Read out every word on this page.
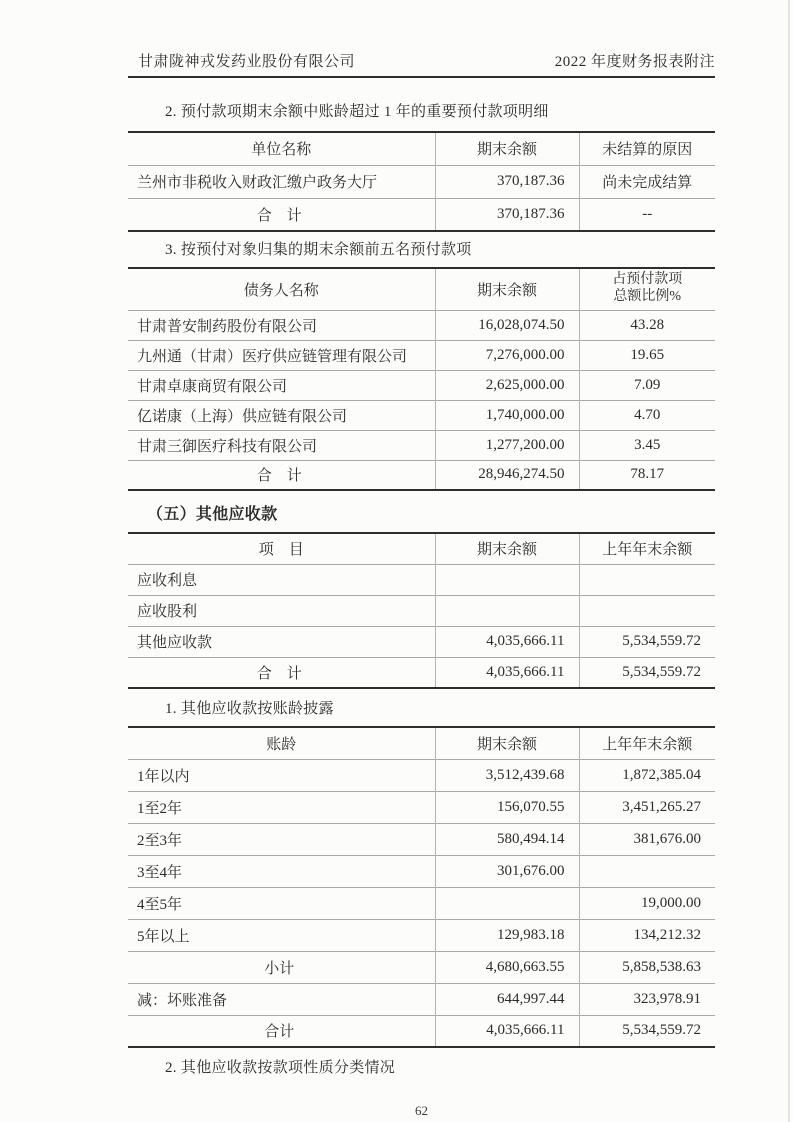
甘肃陇神戎发药业股份有限公司	2022 年度财务报表附注
2. 预付款项期末余额中账龄超过 1 年的重要预付款项明细
单位名称	期末余额	未结算的原因
兰州市非税收入财政汇缴户政务大厅	370,187.36	尚未完成结算
合　计	370,187.36	--
3. 按预付对象归集的期末余额前五名预付款项
债务人名称	期末余额	占预付款项
总额比例%

甘肃普安制药股份有限公司	16,028,074.50	43.28
九州通（甘肃）医疗供应链管理有限公司	7,276,000.00	19.65
甘肃卓康商贸有限公司	2,625,000.00	7.09
亿诺康（上海）供应链有限公司	1,740,000.00	4.70
甘肃三御医疗科技有限公司	1,277,200.00	3.45
合　计	28,946,274.50	78.17
（五）其他应收款
项　目	期末余额	上年年末余额
应收利息		
应收股利		
其他应收款	4,035,666.11	5,534,559.72
合　计	4,035,666.11	5,534,559.72
1. 其他应收款按账龄披露
账龄	期末余额	上年年末余额
1年以内	3,512,439.68	1,872,385.04
1至2年	156,070.55	3,451,265.27
2至3年	580,494.14	381,676.00
3至4年	301,676.00	
4至5年		19,000.00
5年以上	129,983.18	134,212.32
小计	4,680,663.55	5,858,538.63
减：坏账准备	644,997.44	323,978.91
合计	4,035,666.11	5,534,559.72
2. 其他应收款按款项性质分类情况
62
